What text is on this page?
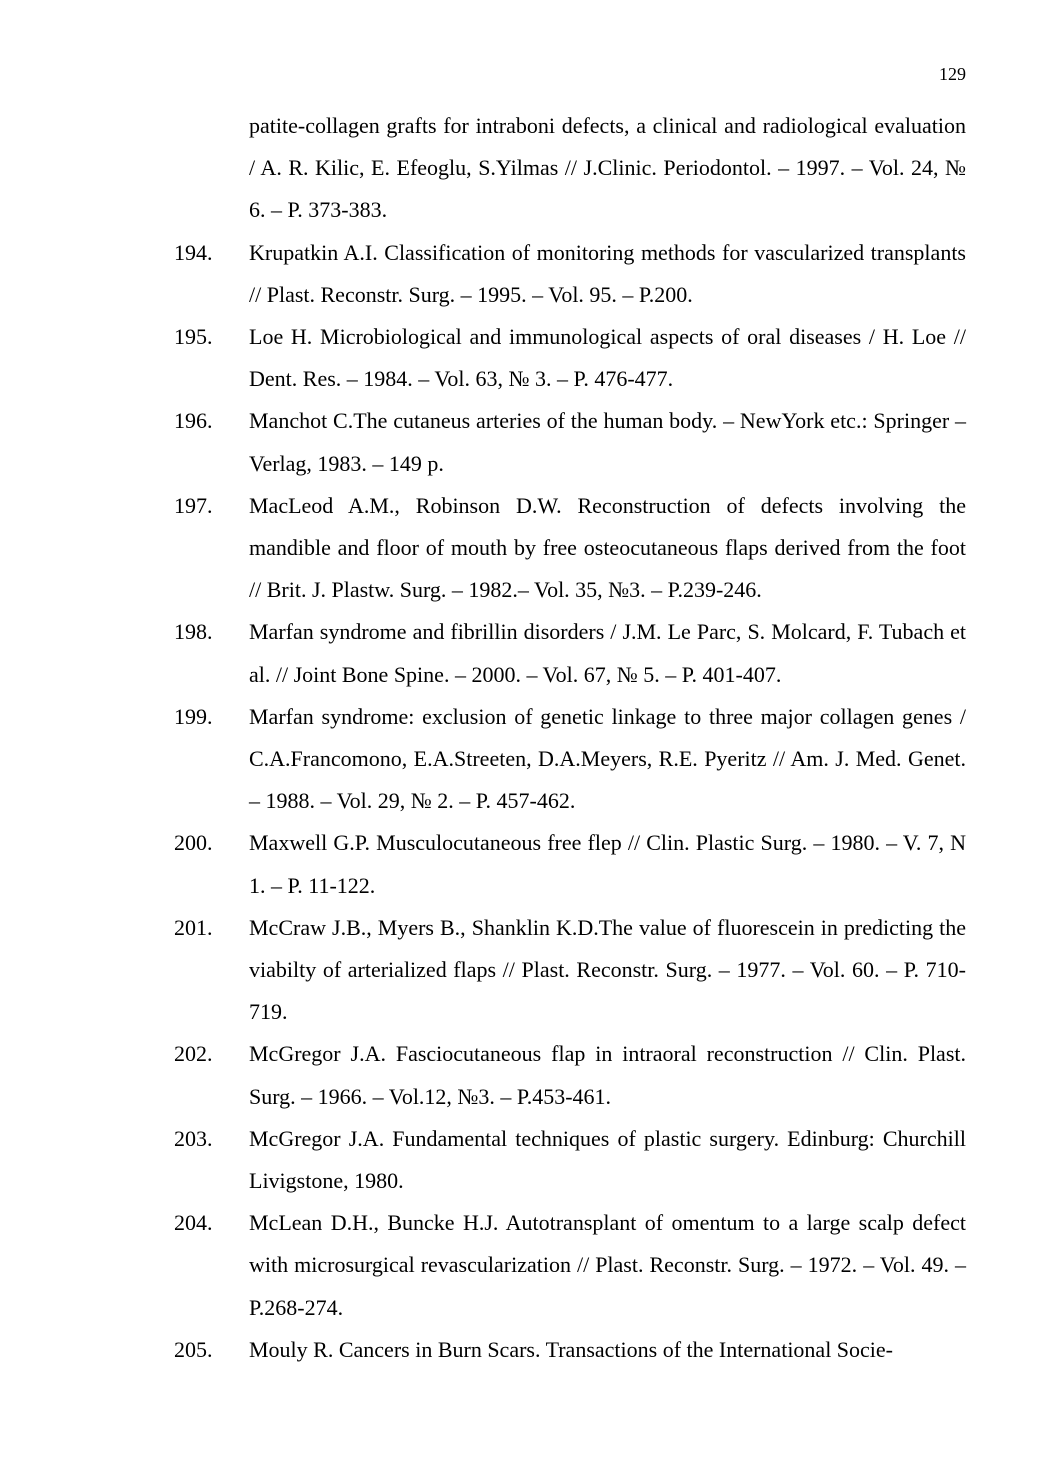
129
patite-collagen grafts for intraboni defects, a clinical and radiological evaluation / A. R. Kilic, E. Efeoglu, S.Yilmas // J.Clinic. Periodontol. – 1997. – Vol. 24, № 6. – P. 373-383.
194. Krupatkin A.I. Classification of monitoring methods for vascularized transplants // Plast. Reconstr. Surg. – 1995. – Vol. 95. – P.200.
195. Loe H. Microbiological and immunological aspects of oral diseases / H. Loe // Dent. Res. – 1984. – Vol. 63, № 3. – P. 476-477.
196. Manchot C.The cutaneus arteries of the human body. – NewYork etc.: Springer – Verlag, 1983. – 149 p.
197. MacLeod A.M., Robinson D.W. Reconstruction of defects involving the mandible and floor of mouth by free osteocutaneous flaps derived from the foot // Brit. J. Plastw. Surg. – 1982.– Vol. 35, №3. – P.239-246.
198. Marfan syndrome and fibrillin disorders / J.M. Le Parc, S. Molcard, F. Tubach et al. // Joint Bone Spine. – 2000. – Vol. 67, № 5. – P. 401-407.
199. Marfan syndrome: exclusion of genetic linkage to three major collagen genes / C.A.Francomono, E.A.Streeten, D.A.Meyers, R.E. Pyeritz // Am. J. Med. Genet. – 1988. – Vol. 29, № 2. – P. 457-462.
200. Maxwell G.P. Musculocutaneous free flep // Clin. Plastic Surg. – 1980. – V. 7, N 1. – P. 11-122.
201. McCraw J.B., Myers B., Shanklin K.D.The value of fluorescein in predicting the viabilty of arterialized flaps // Plast. Reconstr. Surg. – 1977. – Vol. 60. – P. 710-719.
202. McGregor J.A. Fasciocutaneous flap in intraoral reconstruction // Clin. Plast. Surg. – 1966. – Vol.12, №3. – P.453-461.
203. McGregor J.A. Fundamental techniques of plastic surgery. Edinburg: Churchill Livigstone, 1980.
204. McLean D.H., Buncke H.J. Autotransplant of omentum to a large scalp defect with microsurgical revascularization // Plast. Reconstr. Surg. – 1972. – Vol. 49. – P.268-274.
205. Mouly R. Cancers in Burn Scars. Transactions of the International Socie-
